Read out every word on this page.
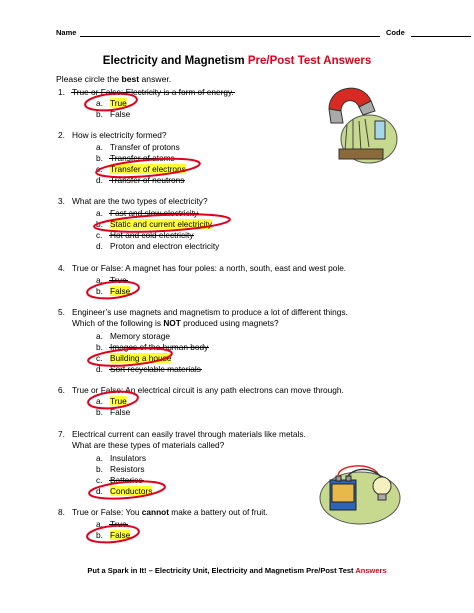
Name	Code
Electricity and Magnetism Pre/Post Test Answers
Please circle the best answer.
1. True or False: Electricity is a form of energy.
a. True
b. False
2. How is electricity formed?
a. Transfer of protons
b. Transfer of atoms
c. Transfer of electrons
d. Transfer of neutrons
3. What are the two types of electricity?
a. Fast and slow electricity
b. Static and current electricity
c. Hot and cold electricity
d. Proton and electron electricity
4. True or False: A magnet has four poles: a north, south, east and west pole.
a. True
b. False
5. Engineer’s use magnets and magnetism to produce a lot of different things.
Which of the following is NOT produced using magnets?
a. Memory storage
b. Images of the human body
c. Building a house
d. Sort recyclable materials
6. True or False: An electrical circuit is any path electrons can move through.
a. True
b. False
7. Electrical current can easily travel through materials like metals.
What are these types of materials called?
a. Insulators
b. Resistors
c. Batteries
d. Conductors
8. True or False: You cannot make a battery out of fruit.
a. True
b. False
Put a Spark in It! – Electricity Unit, Electricity and Magnetism Pre/Post Test Answers
